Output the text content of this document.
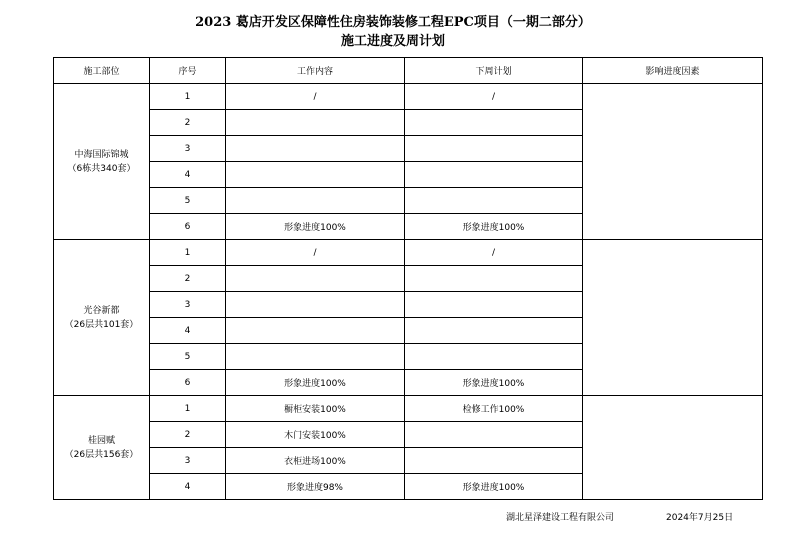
2023 葛店开发区保障性住房装饰装修工程EPC项目（一期二部分）
施工进度及周计划
施工部位	序号	工作内容	下周计划	影响进度因素

中海国际锦城
（6栋共340套）	1	/	/	
	2			
	3			
	4			
	5			
	6	形象进度100%	形象进度100%	

光谷新都
（26层共101套）	1	/	/	
	2			
	3			
	4			
	5			
	6	形象进度100%	形象进度100%	

桂园赋
（26层共156套）	1	橱柜安装100%	检修工作100%	
	2	木门安装100%		
	3	衣柜进场100%		
	4	形象进度98%	形象进度100%	
湖北星泽建设工程有限公司	2024年7月25日
